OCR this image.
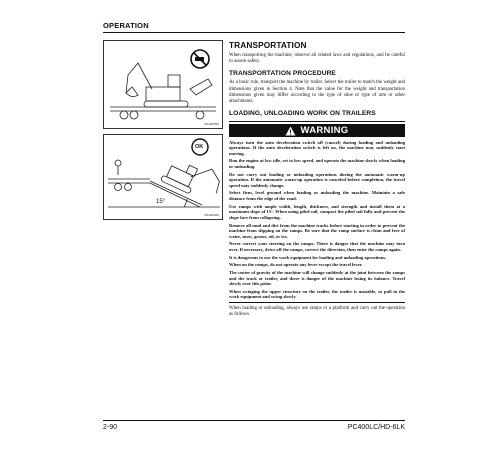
OPERATION
RKA86050
OK
15°
RKA86060
TRANSPORTATION

When transporting the machine, observe all related laws and regulations, and be careful to assure safety.

TRANSPORTATION PROCEDURE

As a basic rule, transport the machine by trailer. Select the trailer to match the weight and dimensions given in Section 4. Note that the value for the weight and transportation dimensions given may differ according to the type of shoe or type of arm or other attachments.

LOADING, UNLOADING WORK ON TRAILERS
WARNING

Always turn the auto deceleration switch off (cancel) during loading and unloading operations. If the auto deceleration switch is left on, the machine may suddenly start moving.

Run the engine at low idle, set to low speed, and operate the machine slowly when loading or unloading.

Do not carry out loading or unloading operations during the automatic warm-up operation. If the automatic warm-up operation is canceled before completion, the travel speed may suddenly change.

Select firm, level ground when loading or unloading the machine. Maintain a safe distance from the edge of the road.

Use ramps with ample width, length, thickness, and strength and install them at a maximum slope of 15°. When using piled soil, compact the piled soil fully and prevent the slope face from collapsing.

Remove all mud and dirt from the machine tracks before starting in order to prevent the machine from slipping on the ramps. Be sure that the ramp surface is clean and free of water, snow, grease, oil, or ice.

Never correct your steering on the ramps. There is danger that the machine may turn over. If necessary, drive off the ramps, correct the direction, then enter the ramps again.

It is dangerous to use the work equipment for loading and unloading operations.

When on the ramps, do not operate any lever except the travel lever.

The center of gravity of the machine will change suddenly at the joint between the ramps and the track or trailer, and there is danger of the machine losing its balance. Travel slowly over this point.

When swinging the upper structure on the trailer, the trailer is unstable, so pull in the work equipment and swing slowly.

When loading or unloading, always use ramps or a platform and carry out the operation as follows.

2-90	PC400LC/HD-6LK
